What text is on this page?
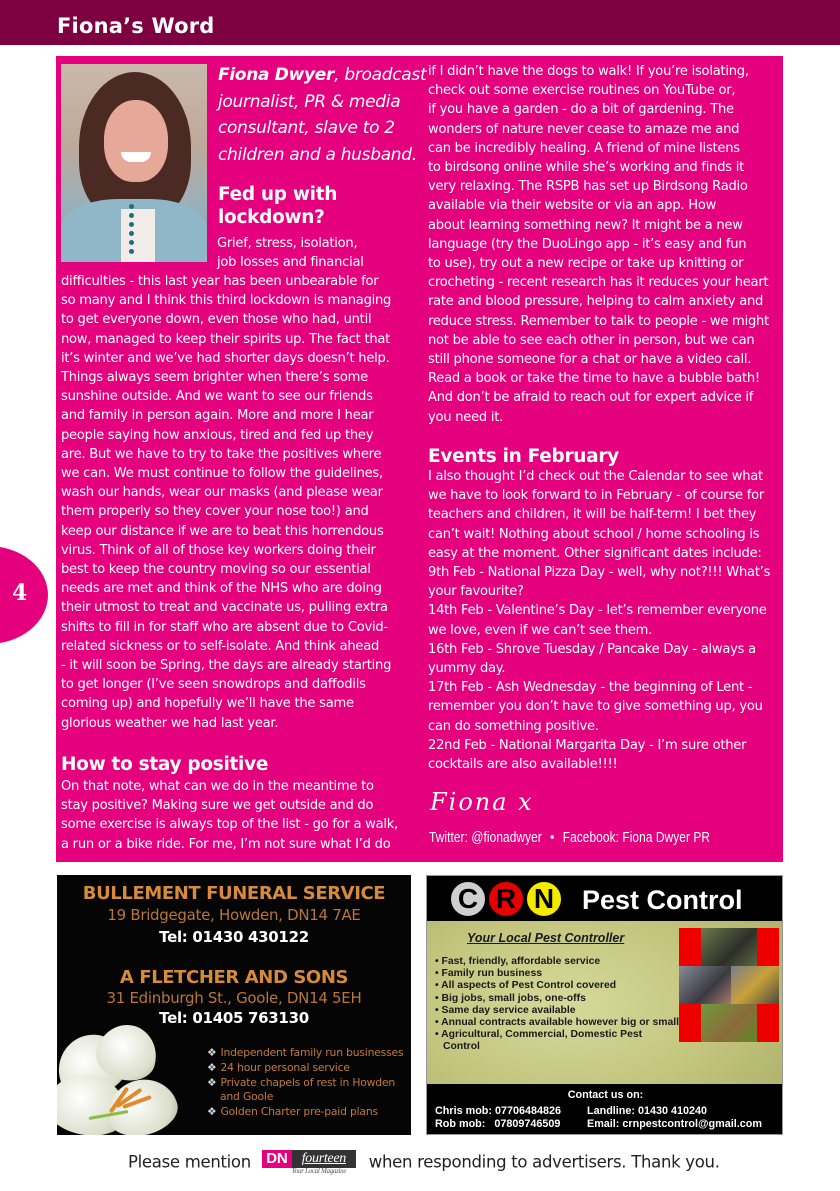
Fiona’s Word
4
Fiona Dwyer, broadcast
journalist, PR & media
consultant, slave to 2
children and a husband.
Fed up with
lockdown?
Grief, stress, isolation,
job losses and financial
difficulties - this last year has been unbearable for
so many and I think this third lockdown is managing
to get everyone down, even those who had, until
now, managed to keep their spirits up. The fact that
it’s winter and we’ve had shorter days doesn’t help.
Things always seem brighter when there’s some
sunshine outside. And we want to see our friends
and family in person again. More and more I hear
people saying how anxious, tired and fed up they
are. But we have to try to take the positives where
we can. We must continue to follow the guidelines,
wash our hands, wear our masks (and please wear
them properly so they cover your nose too!) and
keep our distance if we are to beat this horrendous
virus. Think of all of those key workers doing their
best to keep the country moving so our essential
needs are met and think of the NHS who are doing
their utmost to treat and vaccinate us, pulling extra
shifts to fill in for staff who are absent due to Covid-
related sickness or to self-isolate. And think ahead
- it will soon be Spring, the days are already starting
to get longer (I’ve seen snowdrops and daffodils
coming up) and hopefully we’ll have the same
glorious weather we had last year.
How to stay positive
On that note, what can we do in the meantime to
stay positive? Making sure we get outside and do
some exercise is always top of the list - go for a walk,
a run or a bike ride. For me, I’m not sure what I’d do
if I didn’t have the dogs to walk! If you’re isolating,
check out some exercise routines on YouTube or,
if you have a garden - do a bit of gardening. The
wonders of nature never cease to amaze me and
can be incredibly healing. A friend of mine listens
to birdsong online while she’s working and finds it
very relaxing. The RSPB has set up Birdsong Radio
available via their website or via an app. How
about learning something new? It might be a new
language (try the DuoLingo app - it’s easy and fun
to use), try out a new recipe or take up knitting or
crocheting - recent research has it reduces your heart
rate and blood pressure, helping to calm anxiety and
reduce stress. Remember to talk to people - we might
not be able to see each other in person, but we can
still phone someone for a chat or have a video call.
Read a book or take the time to have a bubble bath!
And don’t be afraid to reach out for expert advice if
you need it.
Events in February
I also thought I’d check out the Calendar to see what
we have to look forward to in February - of course for
teachers and children, it will be half-term! I bet they
can’t wait! Nothing about school / home schooling is
easy at the moment. Other significant dates include:
9th Feb - National Pizza Day - well, why not?!!! What’s
your favourite?
14th Feb - Valentine’s Day - let’s remember everyone
we love, even if we can’t see them.
16th Feb - Shrove Tuesday / Pancake Day - always a
yummy day.
17th Feb - Ash Wednesday - the beginning of Lent -
remember you don’t have to give something up, you
can do something positive.
22nd Feb - National Margarita Day - I’m sure other
cocktails are also available!!!!
Fiona x
Twitter: @fionadwyer • Facebook: Fiona Dwyer PR
BULLEMENT FUNERAL SERVICE
19 Bridgegate, Howden, DN14 7AE
Tel: 01430 430122
A FLETCHER AND SONS
31 Edinburgh St., Goole, DN14 5EH
Tel: 01405 763130
❖ Independent family run businesses
❖ 24 hour personal service
❖ Private chapels of rest in Howden
and Goole
❖ Golden Charter pre-paid plans
C R N	Pest Control
Your Local Pest Controller
• Fast, friendly, affordable service
• Family run business
• All aspects of Pest Control covered
• Big jobs, small jobs, one-offs
• Same day service available
• Annual contracts available however big or small
• Agricultural, Commercial, Domestic Pest Control
Contact us on:
Chris mob: 07706484826 Landline: 01430 410240
Rob mob:   07809746509 Email: crnpestcontrol@gmail.com
Please mention DN	fourteen
Your Local Magazine when responding to advertisers. Thank you.
